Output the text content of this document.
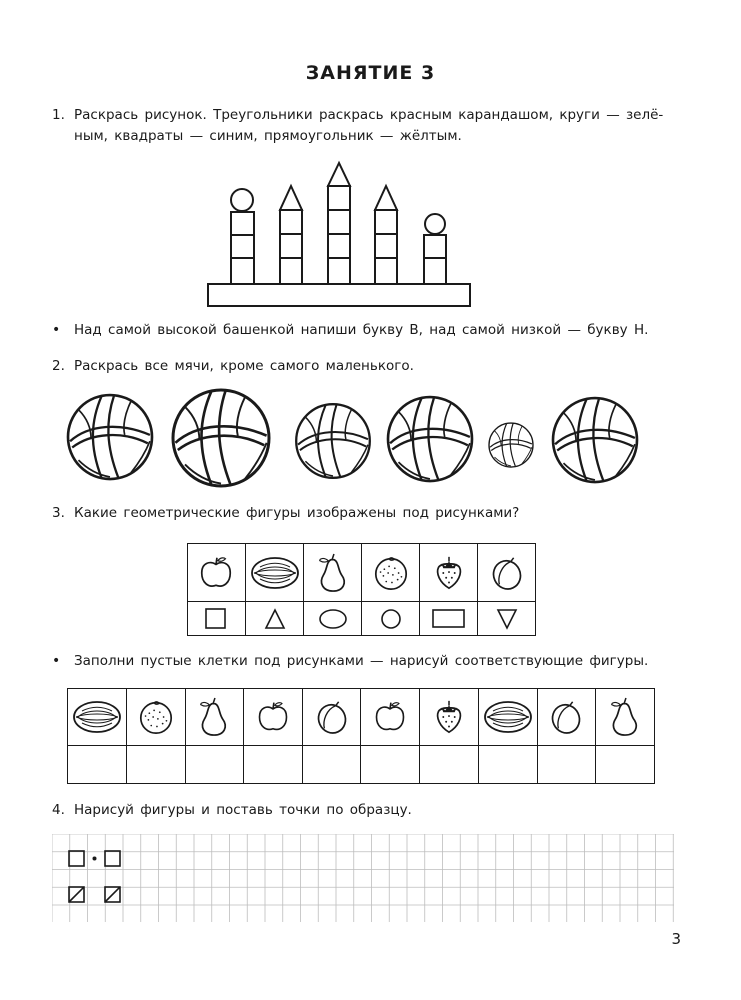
ЗАНЯТИЕ 3
1. Раскрась рисунок. Треугольники раскрась красным карандашом, круги — зелё-
ным, квадраты — синим, прямоугольник — жёлтым.
• Над самой высокой башенкой напиши букву В, над самой низкой — букву Н.
2. Раскрась все мячи, кроме самого маленького.
3. Какие геометрические фигуры изображены под рисунками?

• Заполни пустые клетки под рисунками — нарисуй соответствующие фигуры.

4. Нарисуй фигуры и поставь точки по образцу.
3
